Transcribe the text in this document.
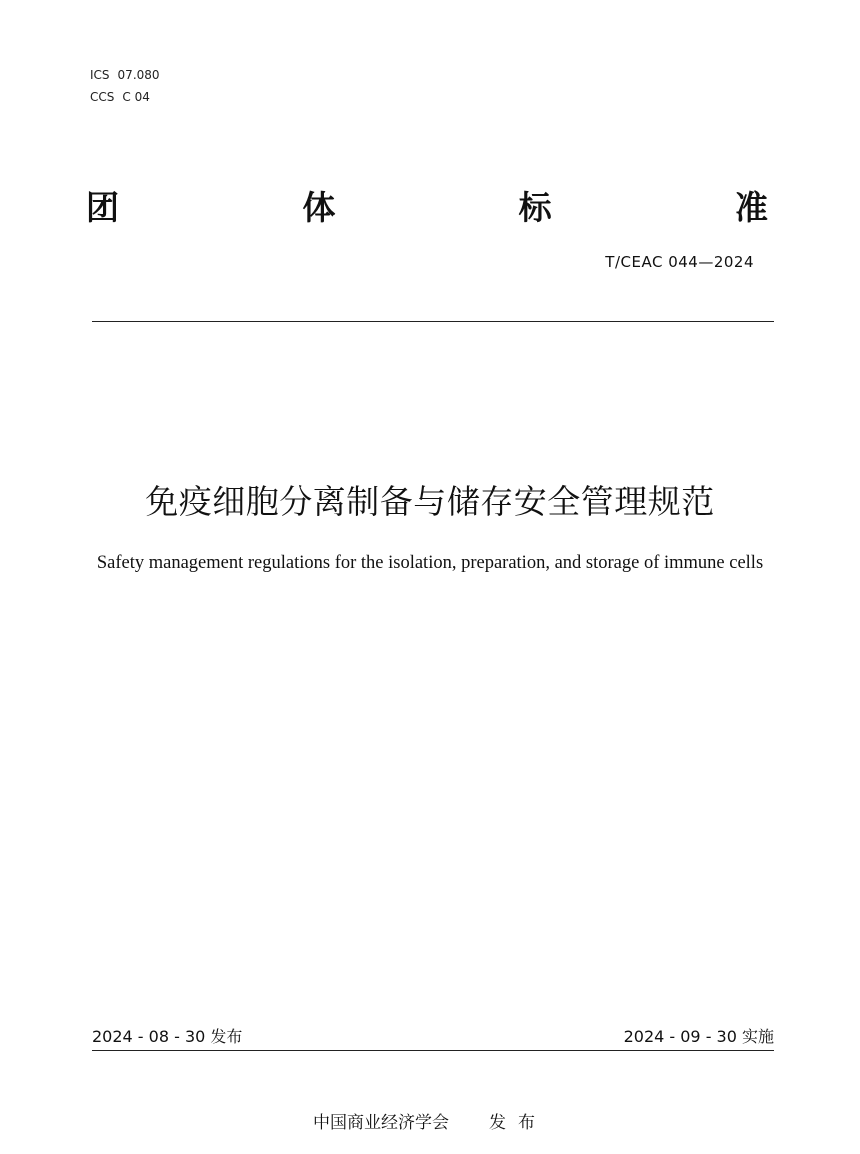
ICS 07.080
CCS C 04
团	体	标	准
T/CEAC 044—2024
免疫细胞分离制备与储存安全管理规范
Safety management regulations for the isolation, preparation, and storage of immune cells
2024 - 08 - 30 发布	2024 - 09 - 30 实施
中国商业经济学会 发布
